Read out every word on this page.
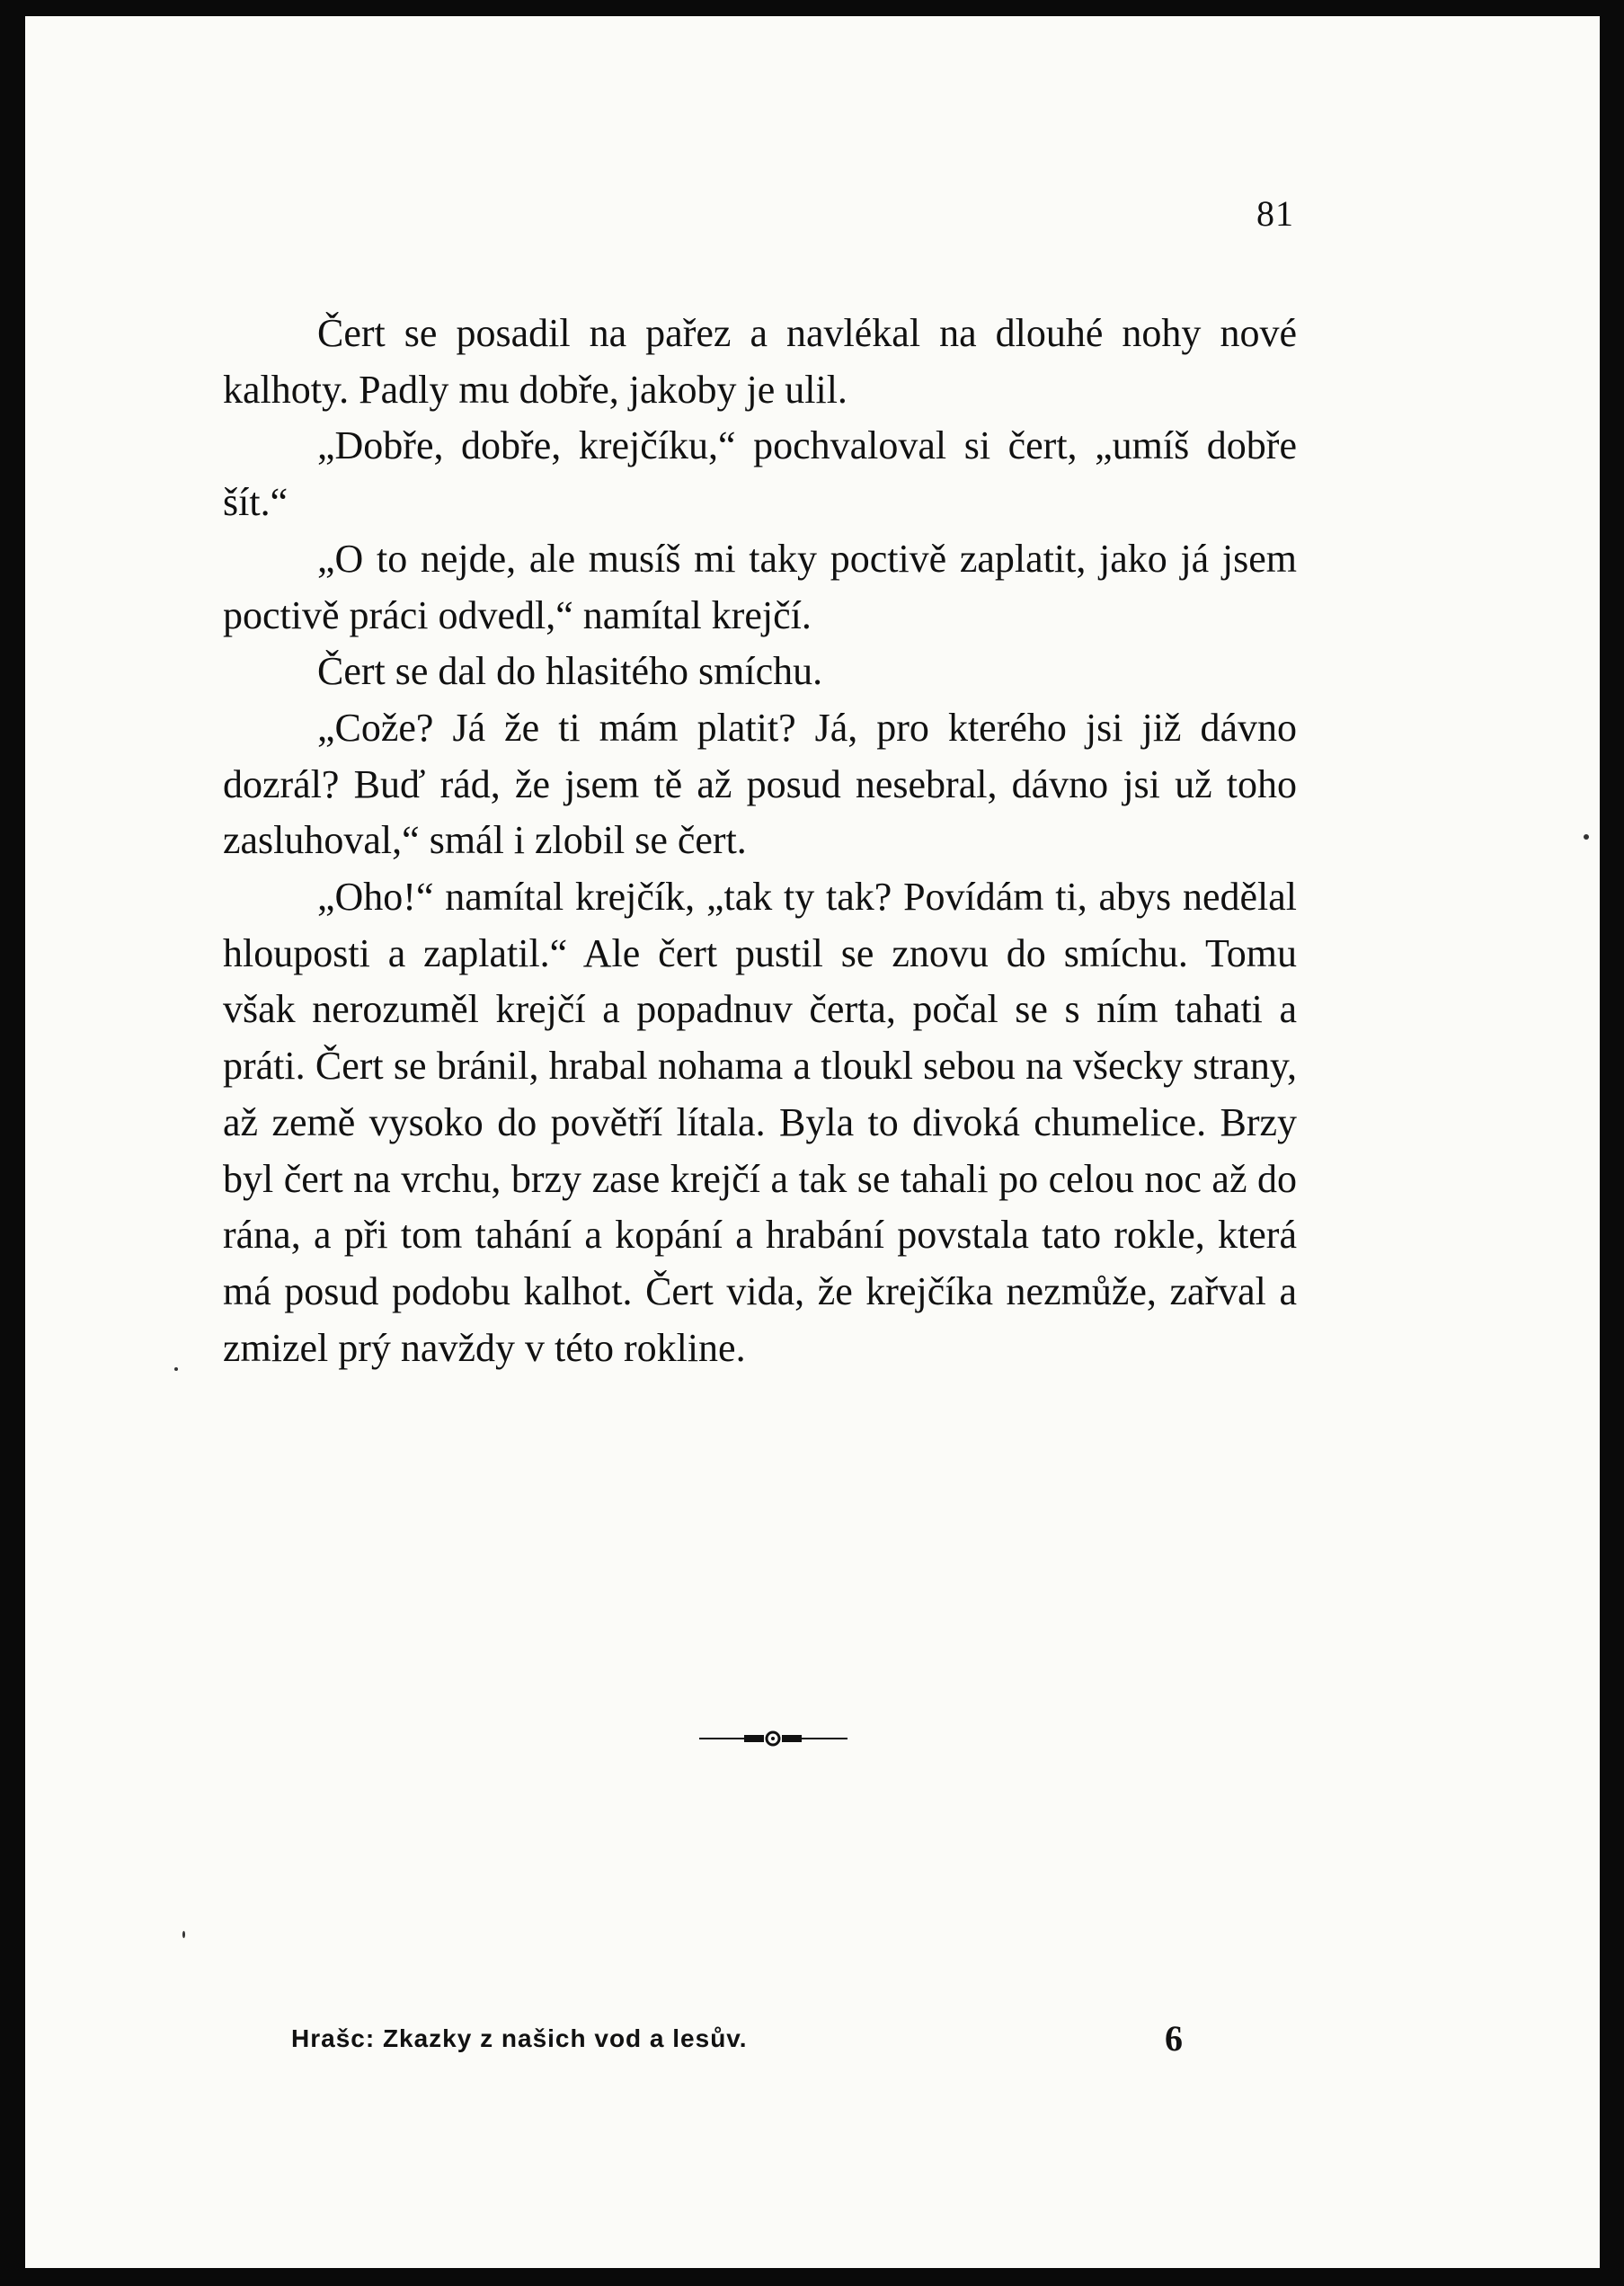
81

Čert se posadil na pařez a navlékal na dlouhé nohy nové kalhoty. Padly mu dobře, jakoby je ulil.

„Dobře, dobře, krejčíku,“ pochvaloval si čert, „umíš dobře šít.“

„O to nejde, ale musíš mi taky poctivě zaplatit, jako já jsem poctivě práci odvedl,“ namítal krejčí.

Čert se dal do hlasitého smíchu.

„Cože? Já že ti mám platit? Já, pro kterého jsi již dávno dozrál? Buď rád, že jsem tě až posud nesebral, dávno jsi už toho zasluhoval,“ smál i zlobil se čert.

„Oho!“ namítal krejčík, „tak ty tak? Povídám ti, abys nedělal hlouposti a zaplatil.“ Ale čert pustil se znovu do smíchu. Tomu však nerozuměl krejčí a popadnuv čerta, počal se s ním tahati a práti. Čert se bránil, hrabal nohama a tloukl sebou na všecky strany, až země vysoko do povětří lítala. Byla to divoká chumelice. Brzy byl čert na vrchu, brzy zase krejčí a tak se tahali po celou noc až do rána, a při tom tahání a kopání a hrabání povstala tato rokle, která má posud podobu kalhot. Čert vida, že krejčíka nezmůže, zařval a zmizel prý navždy v této rokline.

Hrašc: Zkazky z našich vod a lesův.	6
